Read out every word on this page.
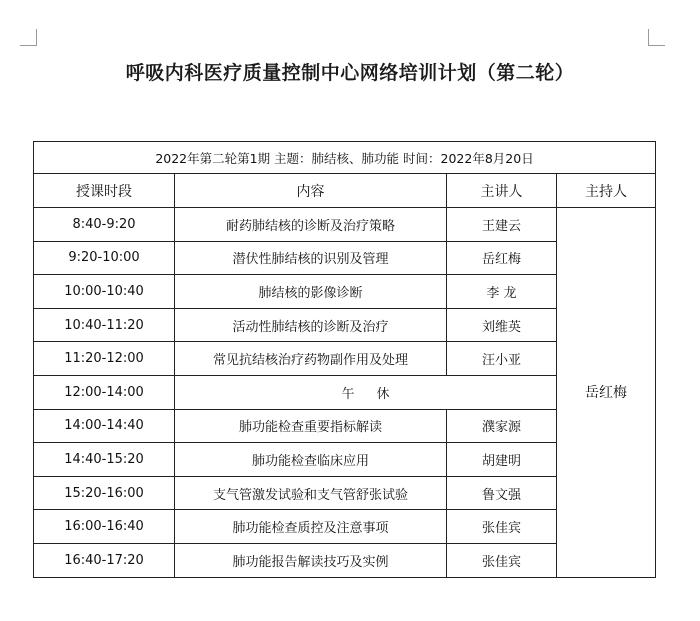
呼吸内科医疗质量控制中心网络培训计划（第二轮）
2022年第二轮第1期 主题：肺结核、肺功能 时间：2022年8月20日			
授课时段	内容	主讲人	主持人
8:40-9:20	耐药肺结核的诊断及治疗策略	王建云	岳红梅
9:20-10:00	潜伏性肺结核的识别及管理	岳红梅	
10:00-10:40	肺结核的影像诊断	李 龙	
10:40-11:20	活动性肺结核的诊断及治疗	刘维英	
11:20-12:00	常见抗结核治疗药物副作用及处理	汪小亚	
12:00-14:00	午休		
14:00-14:40	肺功能检查重要指标解读	濮家源	
14:40-15:20	肺功能检查临床应用	胡建明	
15:20-16:00	支气管激发试验和支气管舒张试验	鲁文强	
16:00-16:40	肺功能检查质控及注意事项	张佳宾	
16:40-17:20	肺功能报告解读技巧及实例	张佳宾	
